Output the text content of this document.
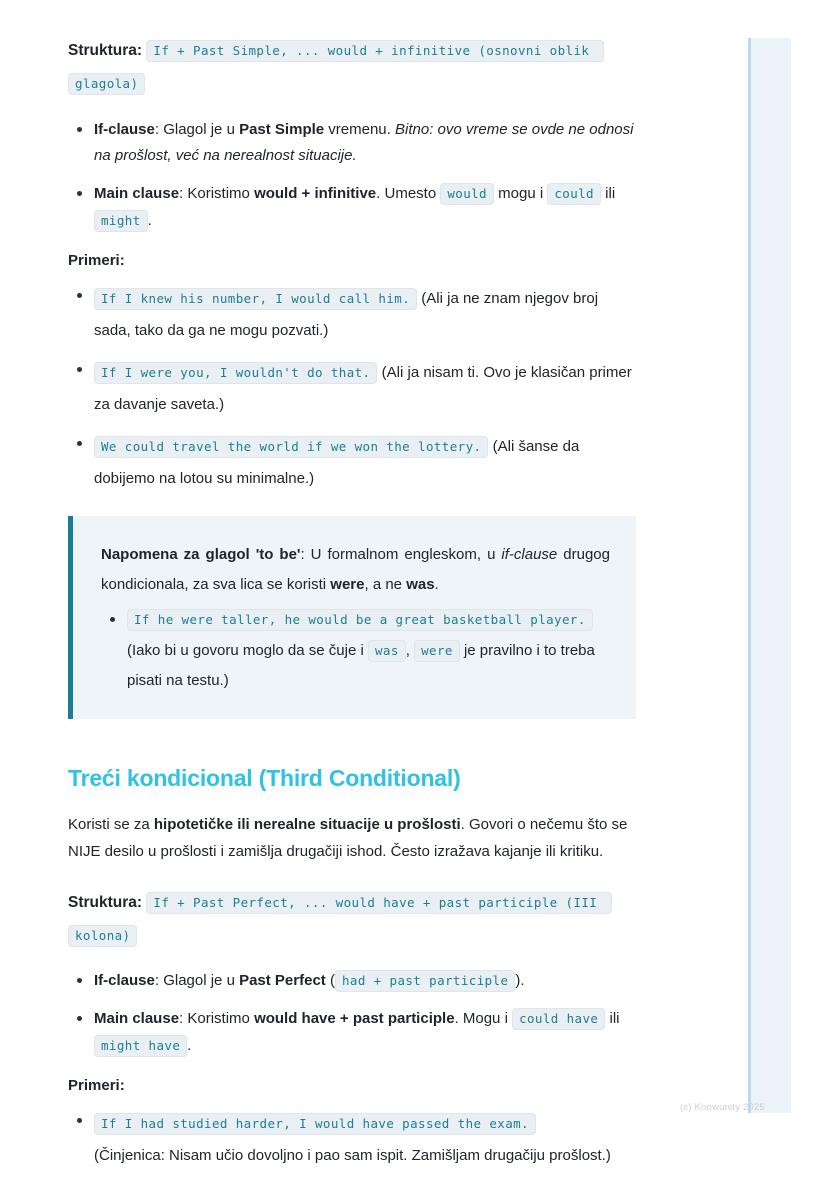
Struktura: If + Past Simple, ... would + infinitive (osnovni oblik glagola)

If-clause: Glagol je u Past Simple vremenu. Bitno: ovo vreme se ovde ne odnosi na prošlost, već na nerealnost situacije.
Main clause: Koristimo would + infinitive. Umesto would mogu i could ili might .
Primeri:
If I knew his number, I would call him. (Ali ja ne znam njegov broj sada, tako da ga ne mogu pozvati.)
If I were you, I wouldn't do that. (Ali ja nisam ti. Ovo je klasičan primer za davanje saveta.)
We could travel the world if we won the lottery. (Ali šanse da dobijemo na lotou su minimalne.)

Napomena za glagol 'to be': U formalnom engleskom, u if-clause drugog kondicionala, za sva lica se koristi were, a ne was.

If he were taller, he would be a great basketball player. (Iako bi u govoru moglo da se čuje i was , were je pravilno i to treba pisati na testu.)
Treći kondicional (Third Conditional)

Koristi se za hipotetičke ili nerealne situacije u prošlosti. Govori o nečemu što se NIJE desilo u prošlosti i zamišlja drugačiji ishod. Često izražava kajanje ili kritiku.

Struktura: If + Past Perfect, ... would have + past participle (III kolona)

If-clause: Glagol je u Past Perfect ( had + past participle ).
Main clause: Koristimo would have + past participle. Mogu i could have ili might have .
Primeri:
If I had studied harder, I would have passed the exam.
(Činjenica: Nisam učio dovoljno i pao sam ispit. Zamišljam drugačiju prošlost.)
(c) Knowunity 2025
